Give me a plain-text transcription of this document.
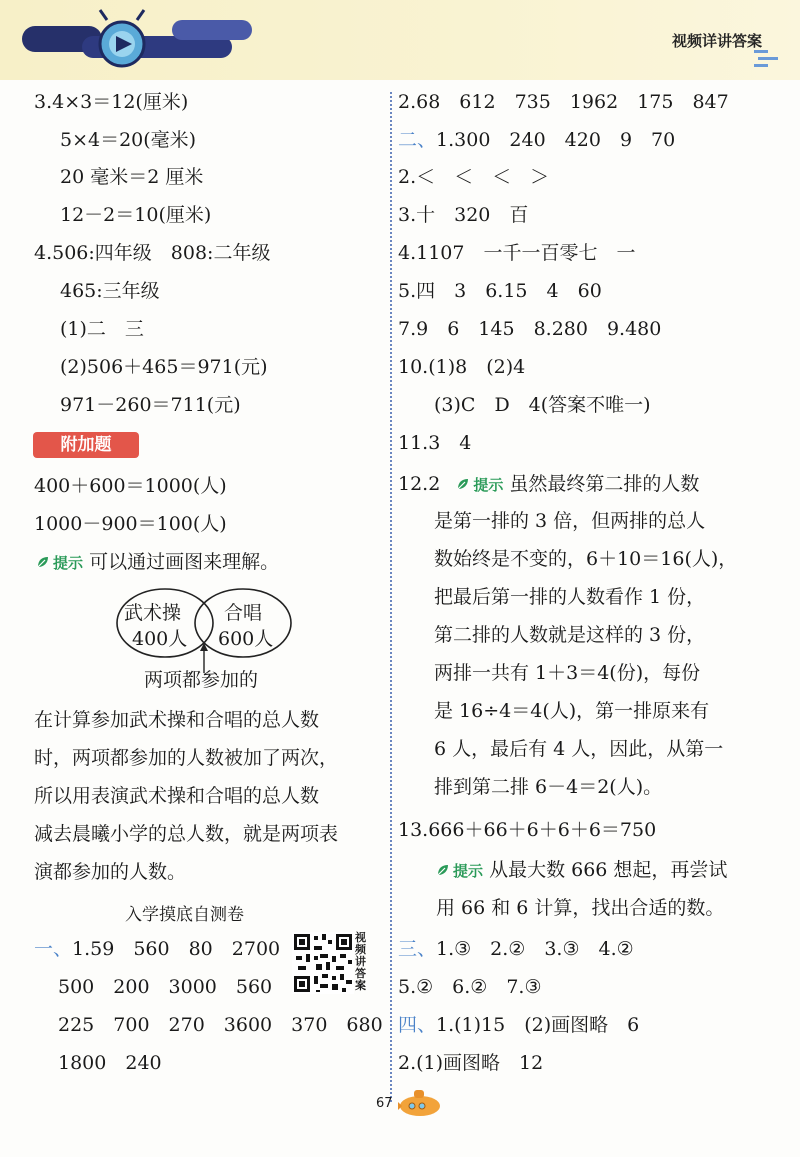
视频详讲答案
3.4×3＝12(厘米)
5×4＝20(毫米)
20 毫米＝2 厘米
12－2＝10(厘米)
4.506:四年级　808:二年级
465:三年级
(1)二　三
(2)506＋465＝971(元)
971－260＝711(元)
附加题
400＋600＝1000(人)
1000－900＝100(人)
提示 可以通过画图来理解。
武术操
400人
合唱
600人
两项都参加的
在计算参加武术操和合唱的总人数
时，两项都参加的人数被加了两次，
所以用表演武术操和合唱的总人数
减去晨曦小学的总人数，就是两项表
演都参加的人数。
入学摸底自测卷
一、1.59　560　80　2700
视频讲答案
500　200　3000　560
225　700　270　3600　370　680
1800　240
2.68　612　735　1962　175　847
二、1.300　240　420　9　70
2.＜　＜　＜　＞
3.十　320　百
4.1107　一千一百零七　一
5.四　3　6.15　4　60
7.9　6　145　8.280　9.480
10.(1)8　(2)4
(3)C　D　4(答案不唯一)
11.3　4
12.2 提示 虽然最终第二排的人数
是第一排的 3 倍，但两排的总人
数始终是不变的，6＋10＝16(人)，
把最后第一排的人数看作 1 份，
第二排的人数就是这样的 3 份，
两排一共有 1＋3＝4(份)，每份
是 16÷4＝4(人)，第一排原来有
6 人，最后有 4 人，因此，从第一
排到第二排 6－4＝2(人)。
13.666＋66＋6＋6＋6＝750
提示 从最大数 666 想起，再尝试
用 66 和 6 计算，找出合适的数。
三、1.③　2.②　3.③　4.②
5.②　6.②　7.③
四、1.(1)15　(2)画图略　6
2.(1)画图略　12
67
